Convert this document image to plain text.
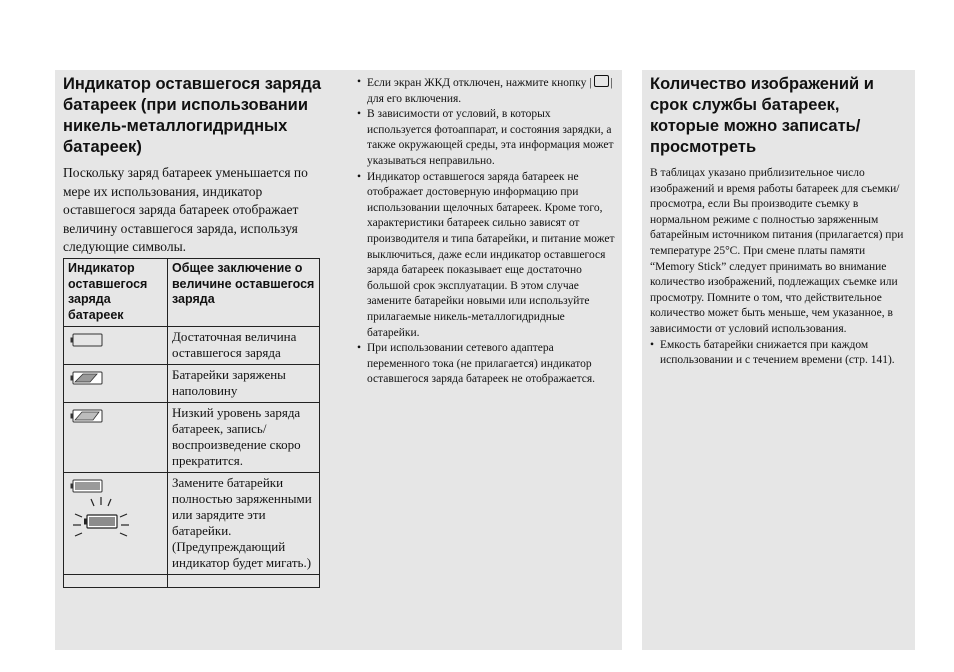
Индикатор оставшегося заряда батареек (при использовании никель-металлогидридных батареек)

Поскольку заряд батареек уменьшается по мере их использования, индикатор оставшегося заряда батареек отображает величину оставшегося заряда, используя следующие символы.

Индикатор оставшегося заряда батареек	Общее заключение о величине оставшегося заряда
	Достаточная величина оставшегося заряда
	Батарейки заряжены наполовину
	Низкий уровень заряда батареек, запись/ воспроизведение скоро прекратится.

	Замените батарейки полностью заряженными или зарядите эти батарейки. (Предупреждающий индикатор будет мигать.)

• Если экран ЖКД отключен, нажмите кнопку | | для его включения.
• В зависимости от условий, в которых используется фотоаппарат, и состояния зарядки, а также окружающей среды, эта информация может указываться неправильно.
• Индикатор оставшегося заряда батареек не отображает достоверную информацию при использовании щелочных батареек. Кроме того, характеристики батареек сильно зависят от производителя и типа батарейки, и питание может выключиться, даже если индикатор оставшегося заряда батареек показывает еще достаточно большой срок эксплуатации. В этом случае замените батарейки новыми или используйте прилагаемые никель-металлогидридные батарейки.
• При использовании сетевого адаптера переменного тока (не прилагается) индикатор оставшегося заряда батареек не отображается.
Количество изображений и срок службы батареек, которые можно записать/ просмотреть

В таблицах указано приблизительное число изображений и время работы батареек для съемки/просмотра, если Вы производите съемку в нормальном режиме с полностью заряженным батарейным источником питания (прилагается) при температуре 25°C. При смене платы памяти “Memory Stick” следует принимать во внимание количество изображений, подлежащих съемке или просмотру. Помните о том, что действительное количество может быть меньше, чем указанное, в зависимости от условий использования.

• Емкость батарейки снижается при каждом использовании и с течением времени (стр. 141).
